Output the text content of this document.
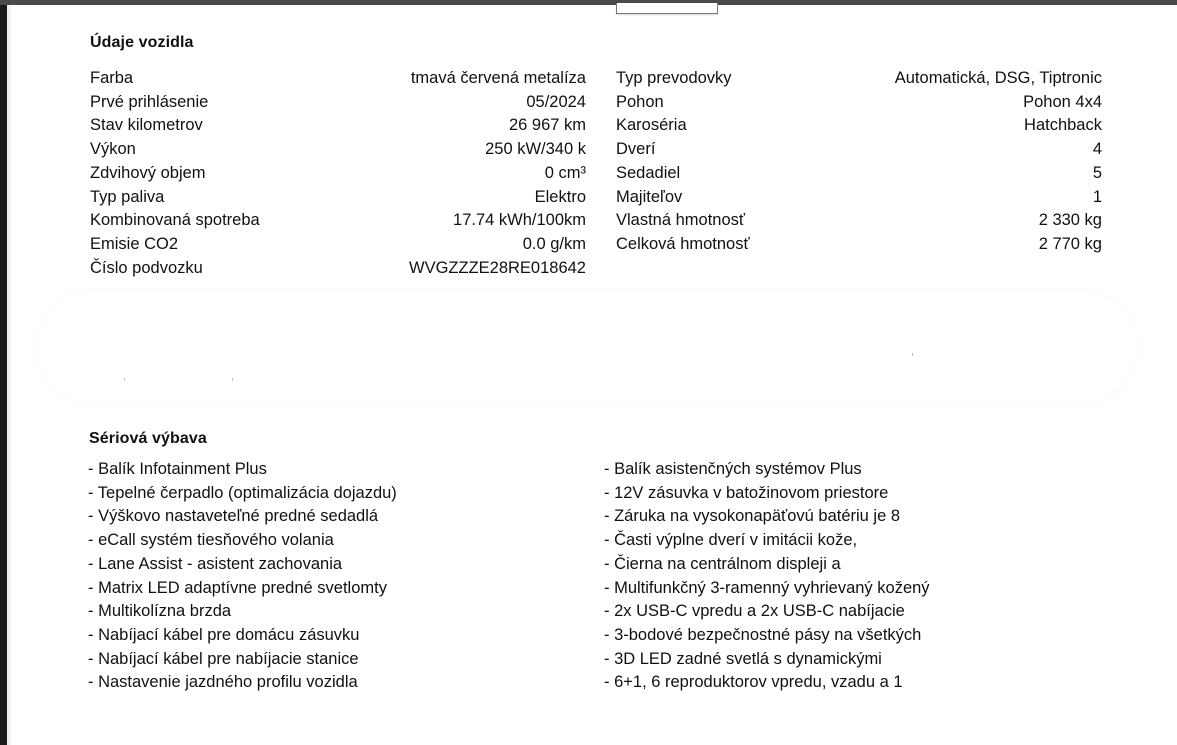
Údaje vozidla
Farba	tmavá červená metalíza
Prvé prihlásenie	05/2024
Stav kilometrov	26 967 km
Výkon	250 kW/340 k
Zdvihový objem	0 cm³
Typ paliva	Elektro
Kombinovaná spotreba	17.74 kWh/100km
Emisie CO2	0.0 g/km
Číslo podvozku	WVGZZZE28RE018642
Typ prevodovky	Automatická, DSG, Tiptronic
Pohon	Pohon 4x4
Karoséria	Hatchback
Dverí	4
Sedadiel	5
Majiteľov	1
Vlastná hmotnosť	2 330 kg
Celková hmotnosť	2 770 kg
Sériová výbava
- Balík Infotainment Plus
- Tepelné čerpadlo (optimalizácia dojazdu)
- Výškovo nastaveteľné predné sedadlá
- eCall systém tiesňového volania
- Lane Assist - asistent zachovania
- Matrix LED adaptívne predné svetlomty
- Multikolízna brzda
- Nabíjací kábel pre domácu zásuvku
- Nabíjací kábel pre nabíjacie stanice
- Nastavenie jazdného profilu vozidla
- Balík asistenčných systémov Plus
- 12V zásuvka v batožinovom priestore
- Záruka na vysokonapäťovú batériu je 8
- Časti výplne dverí v imitácii kože,
- Čierna na centrálnom displeji a
- Multifunkčný 3-ramenný vyhrievaný kožený
- 2x USB-C vpredu a 2x USB-C nabíjacie
- 3-bodové bezpečnostné pásy na všetkých
- 3D LED zadné svetlá s dynamickými
- 6+1, 6 reproduktorov vpredu, vzadu a 1
